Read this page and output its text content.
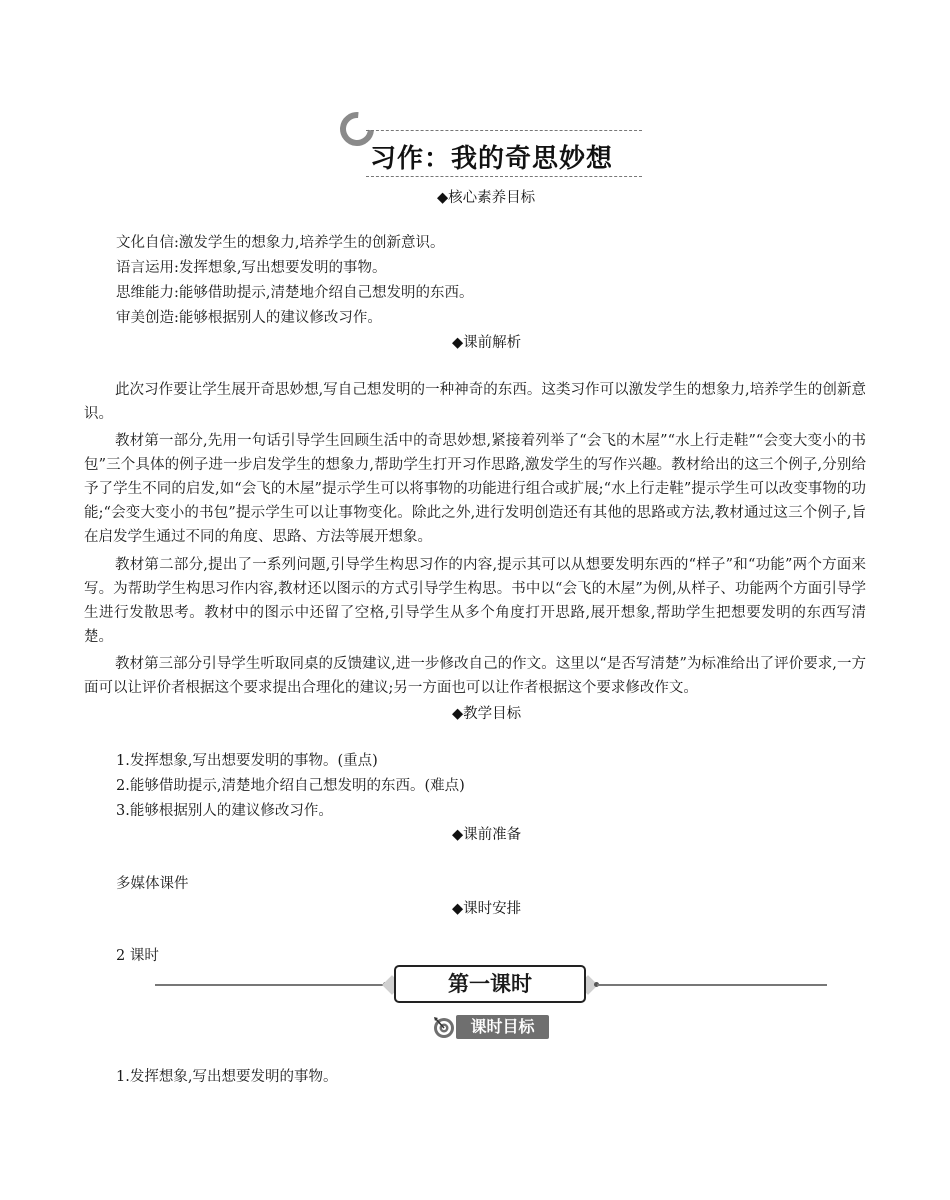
习作：我的奇思妙想
◆核心素养目标
文化自信:激发学生的想象力,培养学生的创新意识。
语言运用:发挥想象,写出想要发明的事物。
思维能力:能够借助提示,清楚地介绍自己想发明的东西。
审美创造:能够根据别人的建议修改习作。
◆课前解析

此次习作要让学生展开奇思妙想,写自己想发明的一种神奇的东西。这类习作可以激发学生的想象力,培养学生的创新意识。

教材第一部分,先用一句话引导学生回顾生活中的奇思妙想,紧接着列举了“会飞的木屋”“水上行走鞋”“会变大变小的书包”三个具体的例子进一步启发学生的想象力,帮助学生打开习作思路,激发学生的写作兴趣。教材给出的这三个例子,分别给予了学生不同的启发,如“会飞的木屋”提示学生可以将事物的功能进行组合或扩展;“水上行走鞋”提示学生可以改变事物的功能;“会变大变小的书包”提示学生可以让事物变化。除此之外,进行发明创造还有其他的思路或方法,教材通过这三个例子,旨在启发学生通过不同的角度、思路、方法等展开想象。

教材第二部分,提出了一系列问题,引导学生构思习作的内容,提示其可以从想要发明东西的“样子”和“功能”两个方面来写。为帮助学生构思习作内容,教材还以图示的方式引导学生构思。书中以“会飞的木屋”为例,从样子、功能两个方面引导学生进行发散思考。教材中的图示中还留了空格,引导学生从多个角度打开思路,展开想象,帮助学生把想要发明的东西写清楚。

教材第三部分引导学生听取同桌的反馈建议,进一步修改自己的作文。这里以“是否写清楚”为标准给出了评价要求,一方面可以让评价者根据这个要求提出合理化的建议;另一方面也可以让作者根据这个要求修改作文。

◆教学目标
1.发挥想象,写出想要发明的事物。(重点)
2.能够借助提示,清楚地介绍自己想发明的东西。(难点)
3.能够根据别人的建议修改习作。
◆课前准备
多媒体课件
◆课时安排
2 课时
第一课时
课时目标
1.发挥想象,写出想要发明的事物。
